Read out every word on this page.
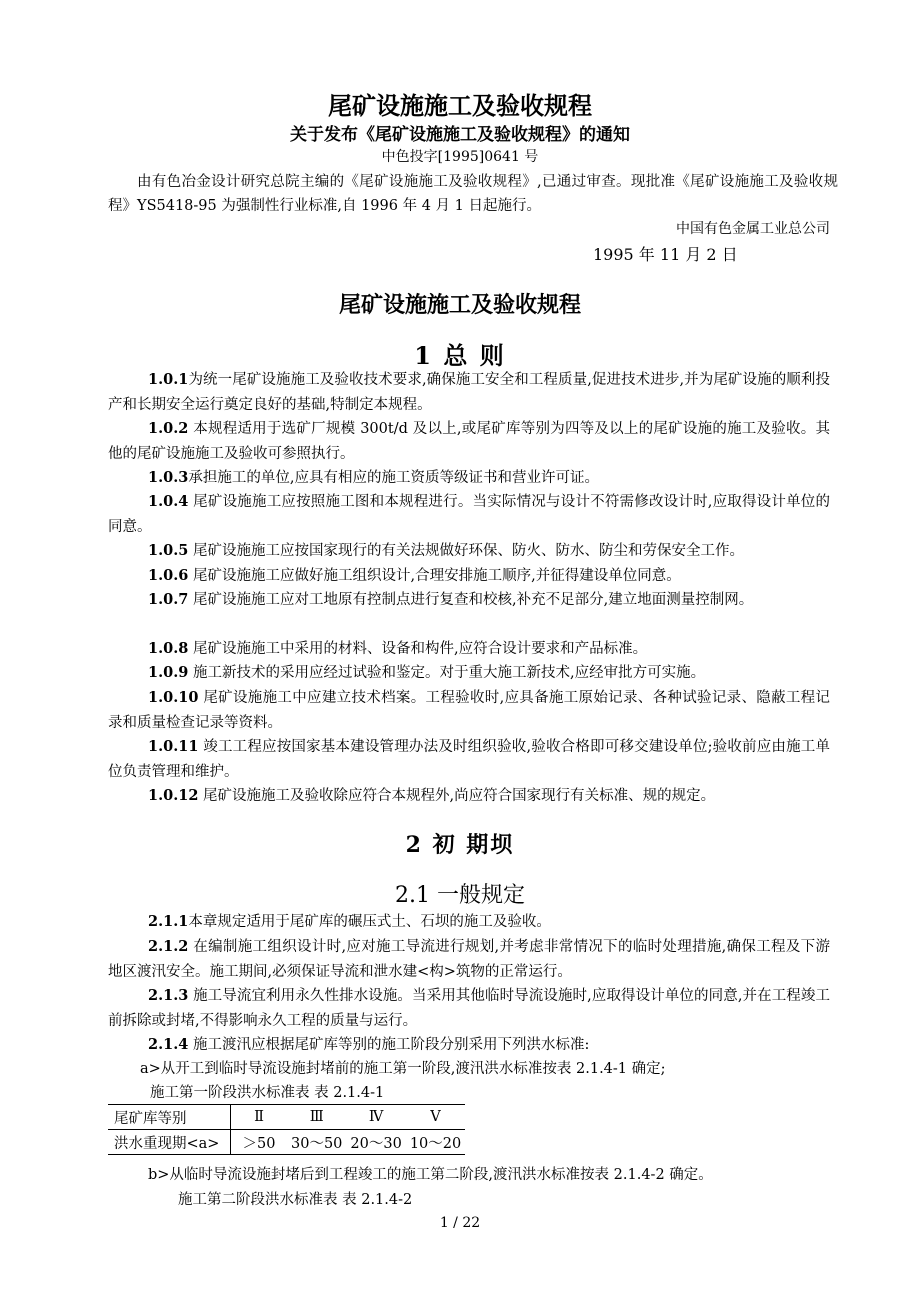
尾矿设施施工及验收规程
关于发布《尾矿设施施工及验收规程》的通知
中色投字[1995]0641 号
由有色冶金设计研究总院主编的《尾矿设施施工及验收规程》,已通过审查。现批准《尾矿设施施工及验收规程》YS5418-95 为强制性行业标准,自 1996 年 4 月 1 日起施行。
中国有色金属工业总公司
1995 年 11 月 2 日
尾矿设施施工及验收规程
1 总 则
1.0.1为统一尾矿设施施工及验收技术要求,确保施工安全和工程质量,促进技术进步,并为尾矿设施的顺利投产和长期安全运行奠定良好的基础,特制定本规程。
1.0.2 本规程适用于选矿厂规模 300t/d 及以上,或尾矿库等别为四等及以上的尾矿设施的施工及验收。其他的尾矿设施施工及验收可参照执行。
1.0.3承担施工的单位,应具有相应的施工资质等级证书和营业许可证。
1.0.4 尾矿设施施工应按照施工图和本规程进行。当实际情况与设计不符需修改设计时,应取得设计单位的同意。
1.0.5 尾矿设施施工应按国家现行的有关法规做好环保、防火、防水、防尘和劳保安全工作。
1.0.6 尾矿设施施工应做好施工组织设计,合理安排施工顺序,并征得建设单位同意。
1.0.7 尾矿设施施工应对工地原有控制点进行复查和校核,补充不足部分,建立地面测量控制网。
1.0.8 尾矿设施施工中采用的材料、设备和构件,应符合设计要求和产品标准。
1.0.9 施工新技术的采用应经过试验和鉴定。对于重大施工新技术,应经审批方可实施。
1.0.10 尾矿设施施工中应建立技术档案。工程验收时,应具备施工原始记录、各种试验记录、隐蔽工程记录和质量检查记录等资料。
1.0.11 竣工工程应按国家基本建设管理办法及时组织验收,验收合格即可移交建设单位;验收前应由施工单位负责管理和维护。
1.0.12 尾矿设施施工及验收除应符合本规程外,尚应符合国家现行有关标准、规的规定。
2 初 期坝
2.1 一般规定
2.1.1本章规定适用于尾矿库的碾压式土、石坝的施工及验收。
2.1.2 在编制施工组织设计时,应对施工导流进行规划,并考虑非常情况下的临时处理措施,确保工程及下游地区渡汛安全。施工期间,必须保证导流和泄水建<构>筑物的正常运行。
2.1.3 施工导流宜利用永久性排水设施。当采用其他临时导流设施时,应取得设计单位的同意,并在工程竣工前拆除或封堵,不得影响永久工程的质量与运行。
2.1.4 施工渡汛应根据尾矿库等别的施工阶段分别采用下列洪水标准:
a>从开工到临时导流设施封堵前的施工第一阶段,渡汛洪水标准按表 2.1.4-1 确定;
施工第一阶段洪水标准表 表 2.1.4-1
尾矿库等别	Ⅱ	Ⅲ	Ⅳ	Ⅴ
洪水重现期<a>	＞50	30～50	20～30	10～20
b>从临时导流设施封堵后到工程竣工的施工第二阶段,渡汛洪水标准按表 2.1.4-2 确定。
施工第二阶段洪水标准表 表 2.1.4-2
1 / 22
